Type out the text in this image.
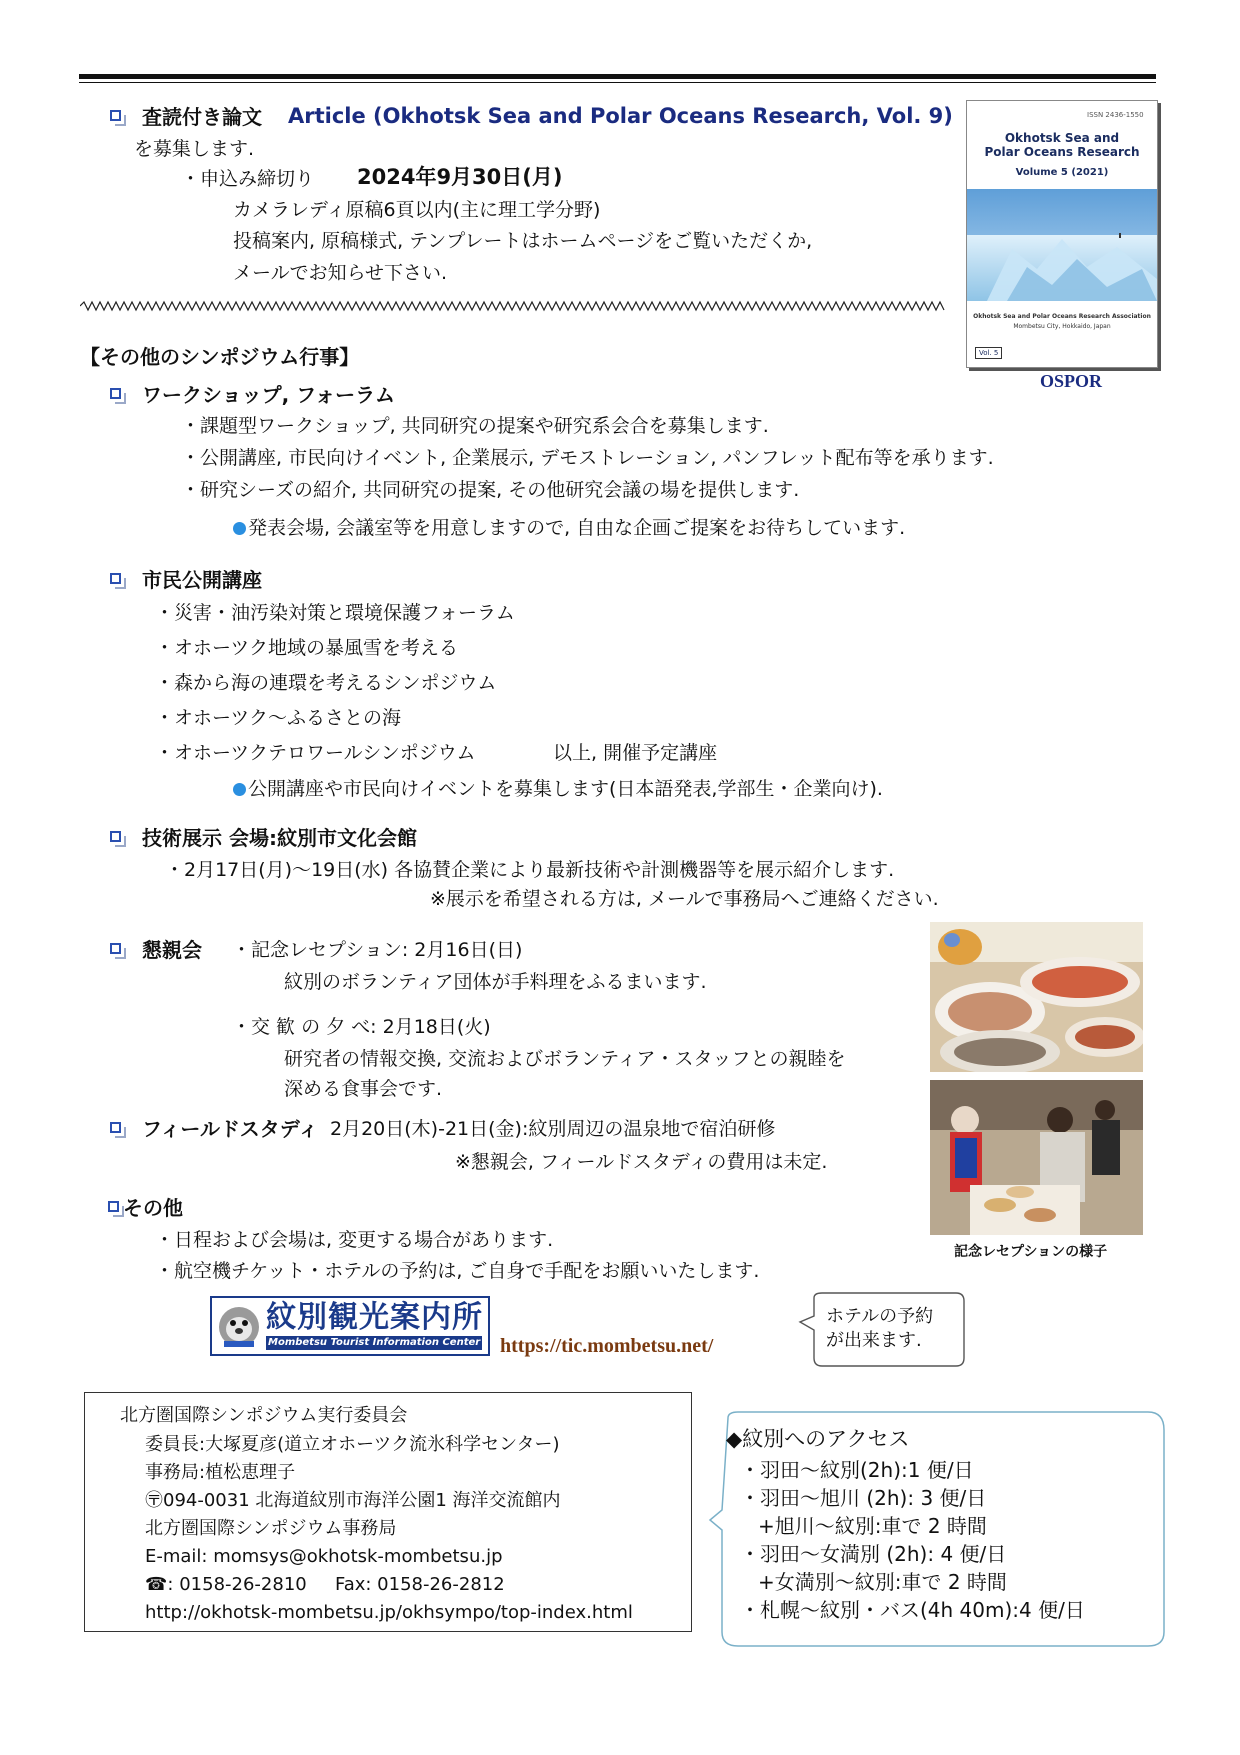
査読付き論文 Article (Okhotsk Sea and Polar Oceans Research, Vol. 9)
を募集します.
・申込み締切り 2024年9月30日(月)
カメラレディ原稿6頁以内(主に理工学分野)
投稿案内, 原稿様式, テンプレートはホームページをご覧いただくか,
メールでお知らせ下さい.
ISSN 2436-1550
Okhotsk Sea and
Polar Oceans Research
Volume 5 (2021)
Okhotsk Sea and Polar Oceans Research Association
Mombetsu City, Hokkaido, Japan
Vol. 5
OSPOR
【その他のシンポジウム行事】
ワークショップ, フォーラム
・課題型ワークショップ, 共同研究の提案や研究系会合を募集します.
・公開講座, 市民向けイベント, 企業展示, デモストレーション, パンフレット配布等を承ります.
・研究シーズの紹介, 共同研究の提案, その他研究会議の場を提供します.
発表会場, 会議室等を用意しますので, 自由な企画ご提案をお待ちしています.
市民公開講座
・災害・油汚染対策と環境保護フォーラム
・オホーツク地域の暴風雪を考える
・森から海の連環を考えるシンポジウム
・オホーツク～ふるさとの海
・オホーツクテロワールシンポジウム	以上, 開催予定講座
公開講座や市民向けイベントを募集します(日本語発表,学部生・企業向け).
技術展示 会場:紋別市文化会館
・2月17日(月)～19日(水) 各協賛企業により最新技術や計測機器等を展示紹介します.
※展示を希望される方は, メールで事務局へご連絡ください.
懇親会 ・記念レセプション: 2月16日(日)
紋別のボランティア団体が手料理をふるまいます.
・交 歓 の 夕 べ: 2月18日(火)
研究者の情報交換, 交流およびボランティア・スタッフとの親睦を
深める食事会です.
フィールドスタディ 2月20日(木)-21日(金):紋別周辺の温泉地で宿泊研修
※懇親会, フィールドスタディの費用は未定.
記念レセプションの様子
その他
・日程および会場は, 変更する場合があります.
・航空機チケット・ホテルの予約は, ご自身で手配をお願いいたします.
紋別観光案内所
Mombetsu Tourist Information Center https://tic.mombetsu.net/
ホテルの予約
が出来ます.
北方圏国際シンポジウム実行委員会
委員長:大塚夏彦(道立オホーツク流氷科学センター)
事務局:植松恵理子
〶094-0031 北海道紋別市海洋公園1 海洋交流館内
北方圏国際シンポジウム事務局
E-mail: momsys@okhotsk-mombetsu.jp
☎: 0158-26-2810 Fax: 0158-26-2812
http://okhotsk-mombetsu.jp/okhsympo/top-index.html
◆紋別へのアクセス
・羽田～紋別(2h):1 便/日
・羽田～旭川 (2h): 3 便/日
+旭川～紋別:車で 2 時間
・羽田～女満別 (2h): 4 便/日
+女満別～紋別:車で 2 時間
・札幌～紋別・バス(4h 40m):4 便/日
